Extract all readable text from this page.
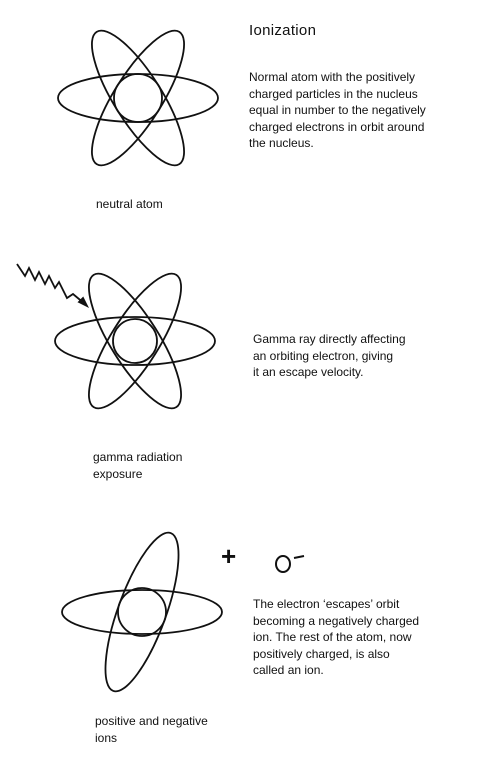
Ionization
Normal atom with the positively
charged particles in the nucleus
equal in number to the negatively
charged electrons in orbit around
the nucleus.
neutral atom
Gamma ray directly affecting
an orbiting electron, giving
it an escape velocity.
gamma radiation
exposure
+
The electron ‘escapes’ orbit
becoming a negatively charged
ion. The rest of the atom, now
positively charged, is also
called an ion.
positive and negative
ions
